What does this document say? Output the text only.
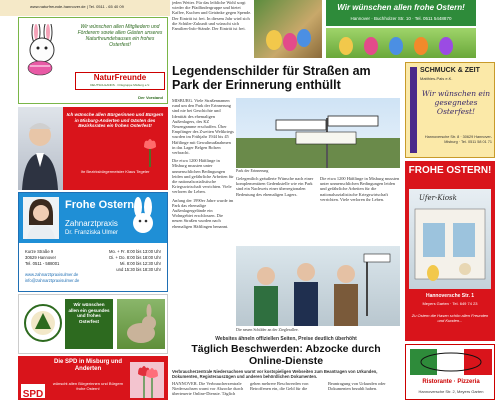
www.naturfreunde-hannover.de | Tel. 0511 - 65 40 09
Wir wünschen allen Mitgliedern und Förderern sowie allen Gästen unseres Naturfreundehauses ein frohes Osterfest!
NaturFreunde
DEUTSCHLANDS · Ortsgruppe Misburg e.V.
Der Vorstand
Ich wünsche allen Bürgerinnen und Bürgern in Misburg-Anderten und Gästen des Bezirksrates ein frohes Osterfest!
Ihr Bezirksbürgermeister Klaus Tegeler
Frohe Ostern
Zahnarztpraxis
Dr. Franziska Ulmer
Kurze Straße 9
30629 Hannover
Tel. 0511 - 588001
www.zahnarztpraxisulmer.de
info@zahnarztpraxisulmer.de
Mo. + Fr. 8:00 bis 13:00 Uhr
Di. + Do. 8:00 bis 18:00 Uhr
Mi. 8:00 bis 12:30 Uhr
und 15:30 bis 18:30 Uhr
Wir wünschen allen ein gesundes und frohes Osterfest
Die SPD in Misburg und Anderten
wünscht allen Bürgerinnen und Bürgern frohe Ostern!
SPD
jeden Wetter. Für das leibliche Wohl sorgt wieder die Pfadfindergruppe und bietet Kaffee, Kuchen und Getränke gegen Spende. Der Eintritt ist frei. In diesem Jahr wird sich die Schüler-Zukunft und wünscht sich Familien-Info-Stände. Der Eintritt ist frei.
Legendenschilder für Straßen am Park der Erinnerung enthüllt
MISBURG. Viele Straßennamen rund um den Park der Erinnerung sind nie bei Geschichte und Identität des ehemaligen Außenlagers, des KZ Neuengamme erschaffen. Über Empfänger des Zweiten Weltkriegs wurden im Frühjahr 1944 bis 45 Häftlinge mit Gewaltmaßnahmen in das Lager Belgen Bolsen verbracht.
Die etwa 1200 Häftlinge in Misburg mussten unter unmenschlichen Bedingungen leiden und gefährliche Arbeiten für die nationalsozialistische Kriegswirtschaft verrichten. Viele verloren ihr Leben.
Anfang der 1990er Jahre wurde im Park das ehemalige Außenlagergelände ein Wohngebiet erschlossen. Die neuen Straßen wurden nach ehemaligen Häftlingen benannt.
Park der Erinnerung
Gelegentlich geäußerte Wünsche nach einer komplementären Gedenkstelle wie ein Park sind ein Nachweis einer überregionalen Bedeutung des ehemaligen Lagers.
Die etwa 1200 Häftlinge in Misburg mussten unter unmenschlichen Bedingungen leiden und gefährliche Arbeiten für die nationalsozialistische Kriegswirtschaft verrichten. Viele verloren ihr Leben.
Die neuen Schilder an der Zieglerallee.
Websites ähneln offiziellen Seiten, Preise deutlich überhöht
Täglich Beschwerden: Abzocke durch Online-Dienste
Verbraucherzentrale Niedersachsen warnt vor kostspieligen Webseiten zum Beantragen von Urkunden, Dokumenten, Registerauszügen und anderen behördlichen Dokumenten.
HANNOVER. Die Verbraucherzentrale Niedersachsen warnt vor Abzocke durch überteuerte Online-Dienste. Täglich gehen mehrere Beschwerden von Betroffenen ein, die Geld für die Beantragung von Urkunden oder Dokumenten bezahlt haben.
Wir wünschen allen frohe Ostern!
Hannover · Buchholzer Str. 10 · Tel. 0511 5448870
SCHMUCK & ZEIT
Matthies-Pais e.K.
Wir wünschen ein gesegnetes Osterfest!
Hannoversche Str. 8 · 30629 Hannover-Misburg · Tel. 0511 58 01 71
FROHE OSTERN!
Ufer-Kiosk
Hannoversche Str. 1
Meyers Garten · Tel. 649 74 23
Zu Ostern die Hasen schön allen Freunden und Kunden...
Ristorante · Pizzeria
Hannoversche Str. 2, Meyers Garten
